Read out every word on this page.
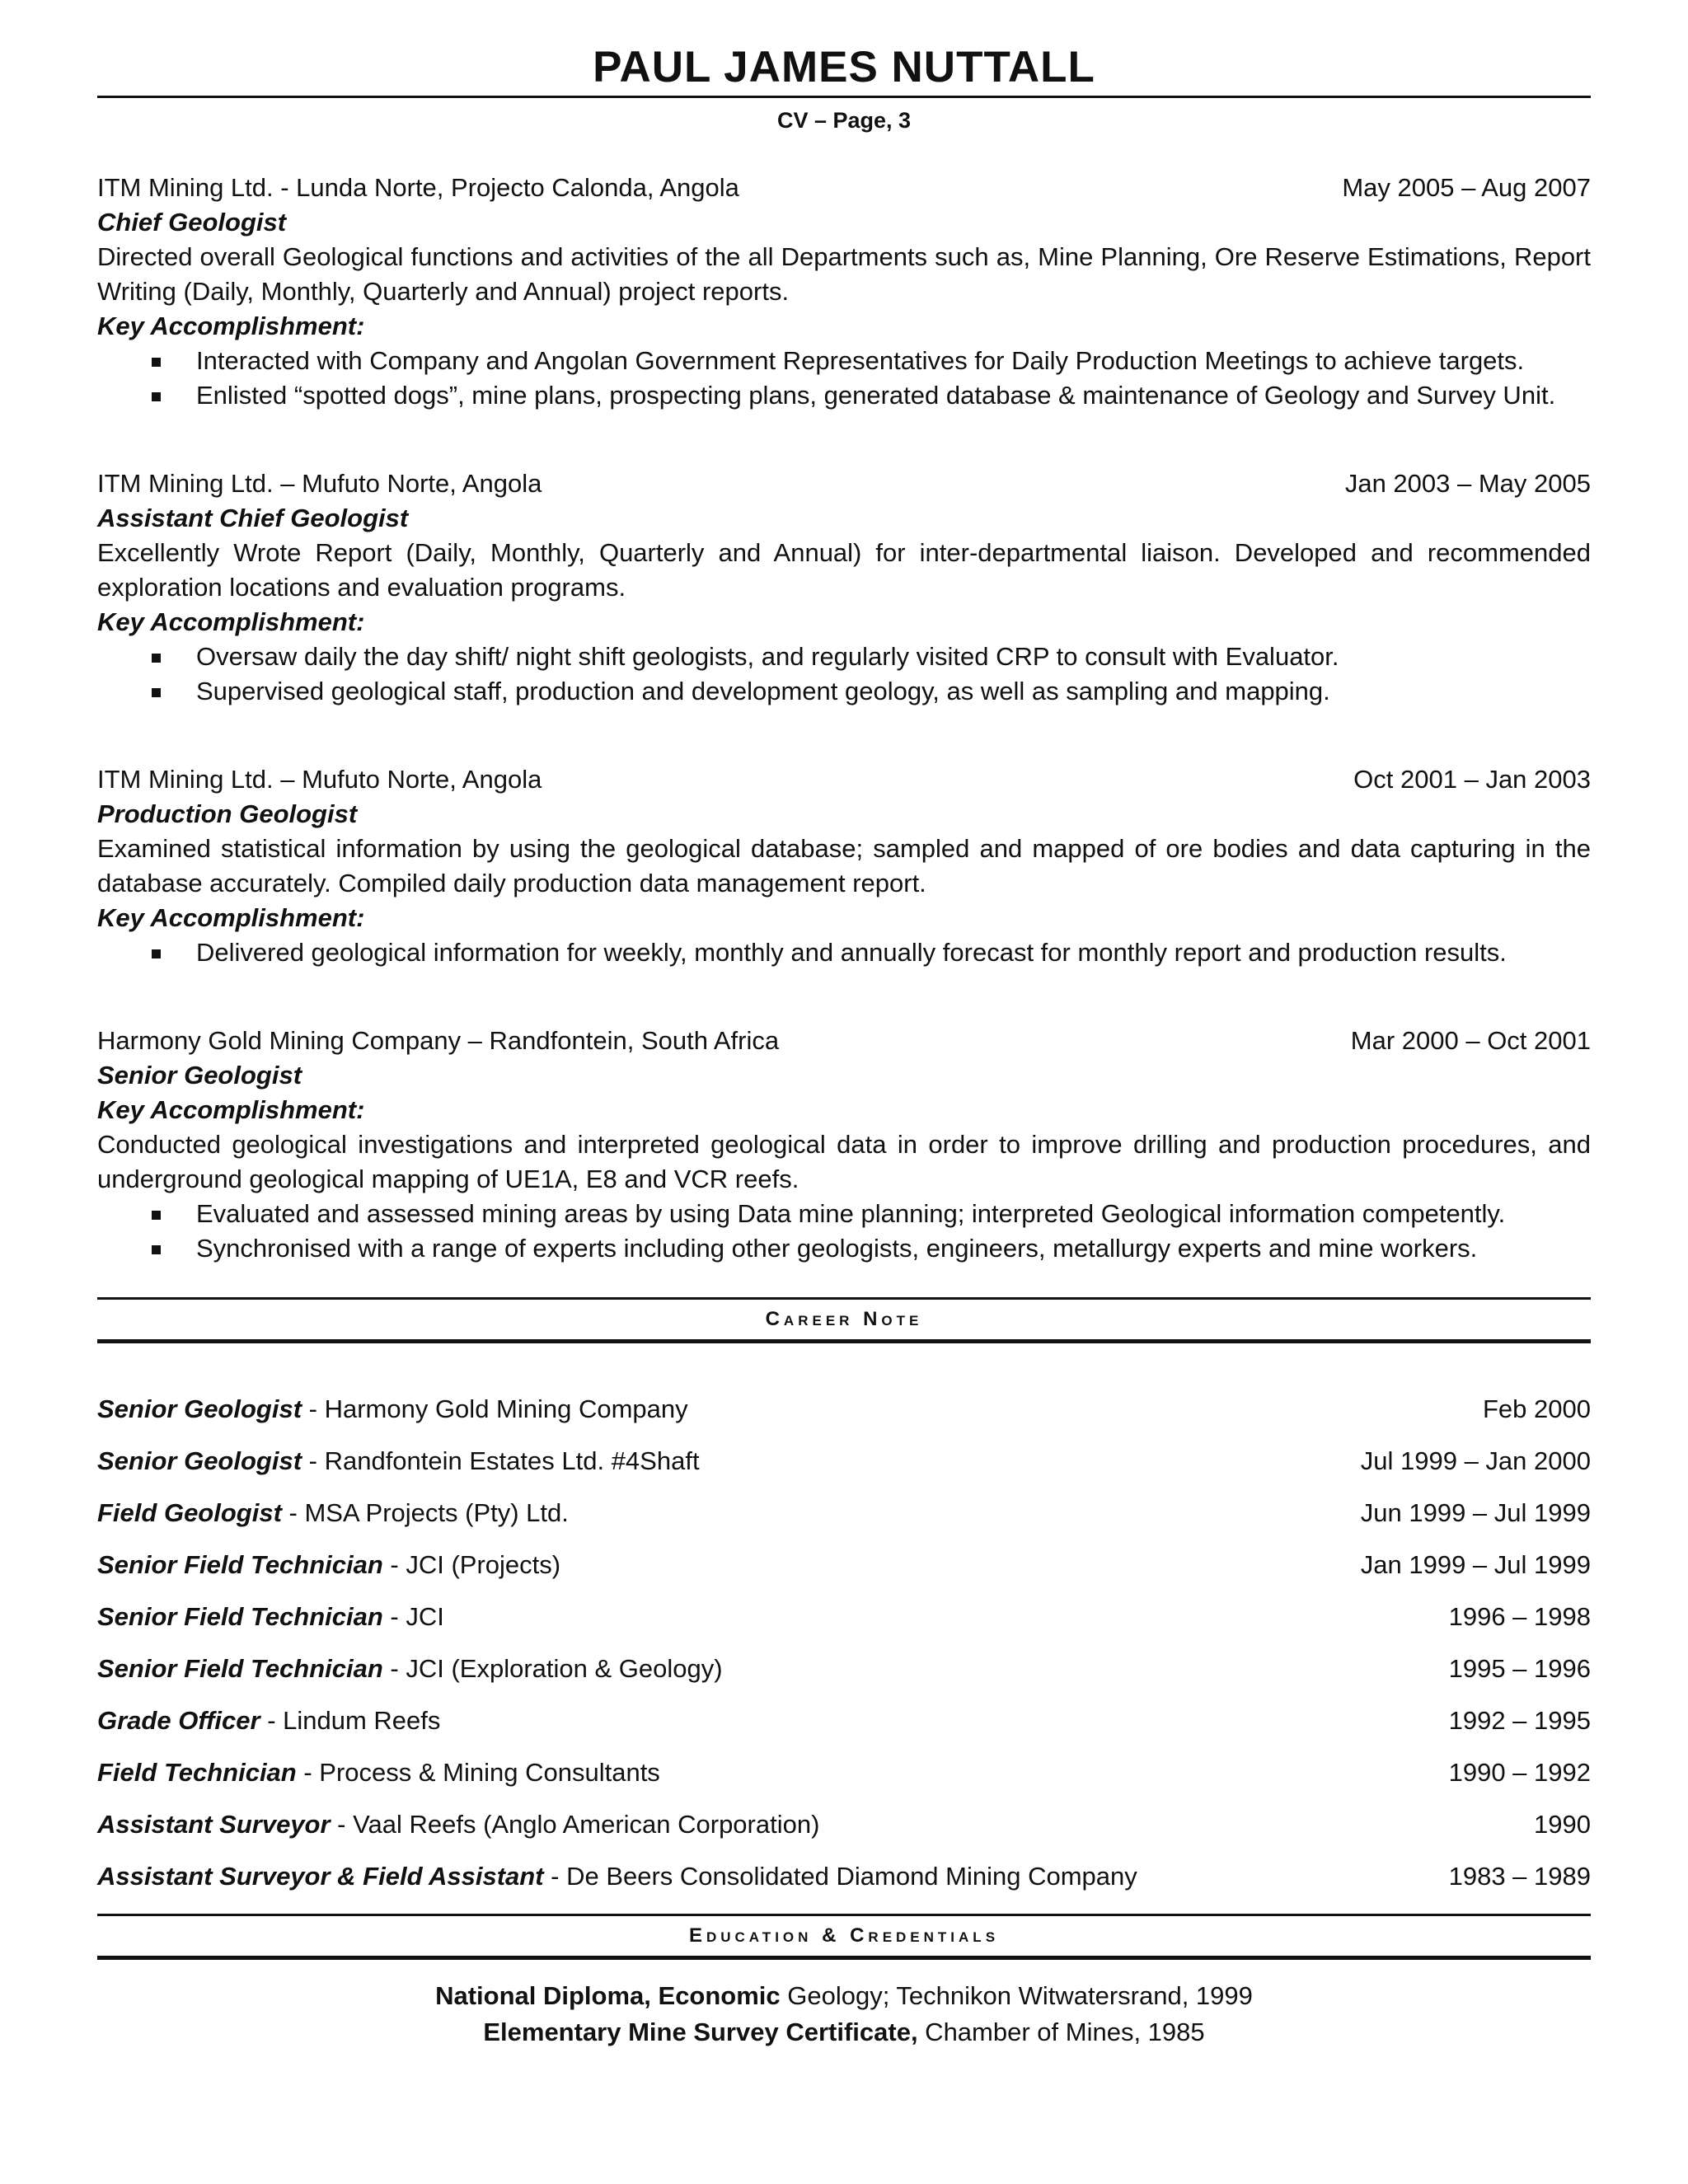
PAUL JAMES NUTTALL
CV – Page, 3
ITM Mining Ltd. - Lunda Norte, Projecto Calonda, Angola	May 2005 – Aug 2007
Chief Geologist
Directed overall Geological functions and activities of the all Departments such as, Mine Planning, Ore Reserve Estimations, Report Writing (Daily, Monthly, Quarterly and Annual) project reports.
Key Accomplishment:
Interacted with Company and Angolan Government Representatives for Daily Production Meetings to achieve targets.
Enlisted “spotted dogs”, mine plans, prospecting plans, generated database & maintenance of Geology and Survey Unit.
ITM Mining Ltd. – Mufuto Norte, Angola	Jan 2003 – May 2005
Assistant Chief Geologist
Excellently Wrote Report (Daily, Monthly, Quarterly and Annual) for inter-departmental liaison. Developed and recommended exploration locations and evaluation programs.
Key Accomplishment:
Oversaw daily the day shift/ night shift geologists, and regularly visited CRP to consult with Evaluator.
Supervised geological staff, production and development geology, as well as sampling and mapping.
ITM Mining Ltd. – Mufuto Norte, Angola	Oct 2001 – Jan 2003
Production Geologist
Examined statistical information by using the geological database; sampled and mapped of ore bodies and data capturing in the database accurately. Compiled daily production data management report.
Key Accomplishment:
Delivered geological information for weekly, monthly and annually forecast for monthly report and production results.
Harmony Gold Mining Company – Randfontein, South Africa	Mar 2000 – Oct 2001
Senior Geologist
Key Accomplishment:
Conducted geological investigations and interpreted geological data in order to improve drilling and production procedures, and underground geological mapping of UE1A, E8 and VCR reefs.
Evaluated and assessed mining areas by using Data mine planning; interpreted Geological information competently.
Synchronised with a range of experts including other geologists, engineers, metallurgy experts and mine workers.
Career Note
Senior Geologist - Harmony Gold Mining Company	Feb 2000
Senior Geologist - Randfontein Estates Ltd. #4Shaft	Jul 1999 – Jan 2000
Field Geologist - MSA Projects (Pty) Ltd.	Jun 1999 – Jul 1999
Senior Field Technician - JCI (Projects)	Jan 1999 – Jul 1999
Senior Field Technician - JCI	1996 – 1998
Senior Field Technician - JCI (Exploration & Geology)	1995 – 1996
Grade Officer - Lindum Reefs	1992 – 1995
Field Technician - Process & Mining Consultants	1990 – 1992
Assistant Surveyor - Vaal Reefs (Anglo American Corporation)	1990
Assistant Surveyor & Field Assistant - De Beers Consolidated Diamond Mining Company	1983 – 1989
Education & Credentials
National Diploma, Economic Geology; Technikon Witwatersrand, 1999
Elementary Mine Survey Certificate, Chamber of Mines, 1985
